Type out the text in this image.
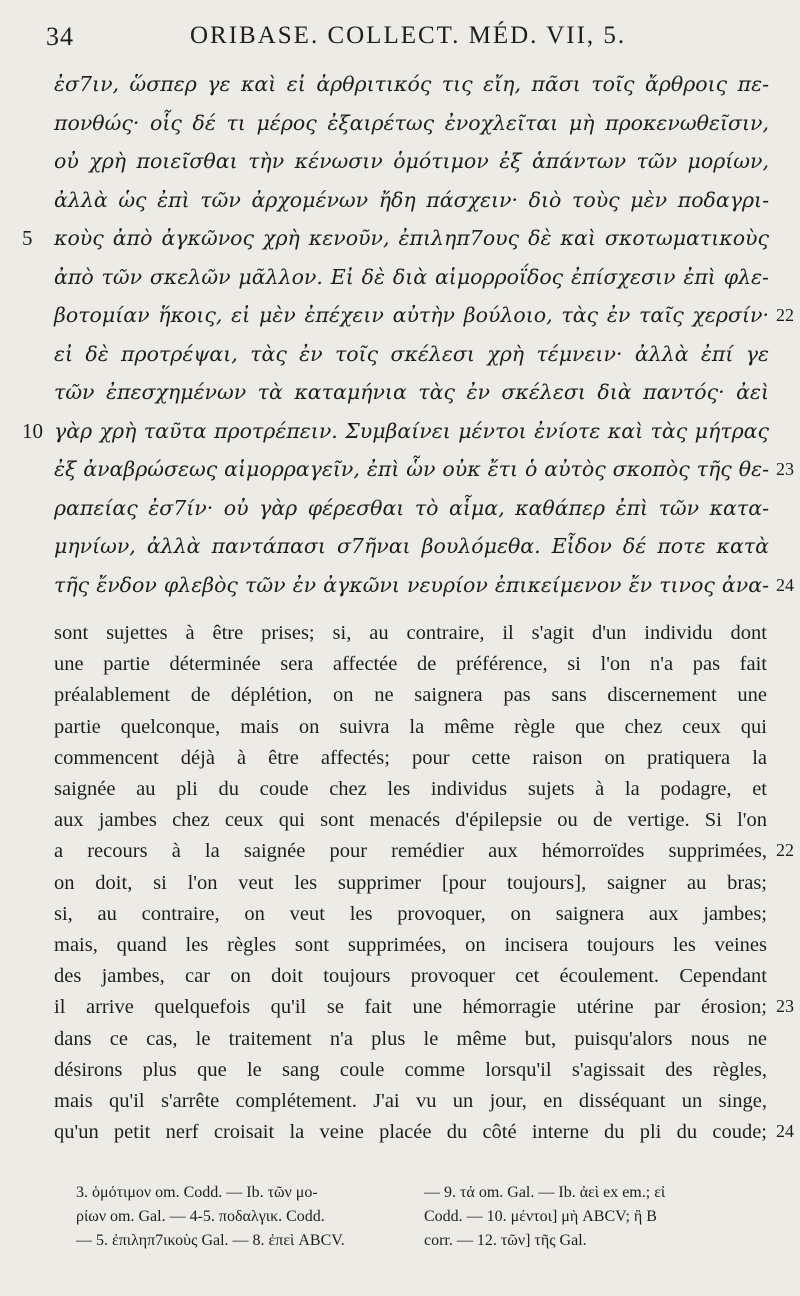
34	ORIBASE. COLLECT. MÉD. VII, 5.
ἐσ7ιν, ὥσπερ γε καὶ εἰ ἀρθριτικός τις εἴη, πᾶσι τοῖς ἄρθροις πε-
πονθώς· οἷς δέ τι μέρος ἐξαιρέτως ἐνοχλεῖται μὴ προκενωθεῖσιν,
οὐ χρὴ ποιεῖσθαι τὴν κένωσιν ὁμότιμον ἐξ ἁπάντων τῶν μορίων,
ἀλλὰ ὡς ἐπὶ τῶν ἀρχομένων ἤδη πάσχειν· διὸ τοὺς μὲν ποδαγρι-
κοὺς ἀπὸ ἀγκῶνος χρὴ κενοῦν, ἐπιληπ7ους δὲ καὶ σκοτωματικοὺς
5
ἀπὸ τῶν σκελῶν μᾶλλον. Εἰ δὲ διὰ αἱμορροΐδος ἐπίσχεσιν ἐπὶ φλε-
βοτομίαν ἥκοις, εἰ μὲν ἐπέχειν αὐτὴν βούλοιο, τὰς ἐν ταῖς χερσίν· 22
εἰ δὲ προτρέψαι, τὰς ἐν τοῖς σκέλεσι χρὴ τέμνειν· ἀλλὰ ἐπί γε
τῶν ἐπεσχημένων τὰ καταμήνια τὰς ἐν σκέλεσι διὰ παντός· ἀεὶ
γὰρ χρὴ ταῦτα προτρέπειν. Συμβαίνει μέντοι ἐνίοτε καὶ τὰς μήτρας
10
ἐξ ἀναβρώσεως αἱμορραγεῖν, ἐπὶ ὧν οὐκ ἔτι ὁ αὐτὸς σκοπὸς τῆς θε- 23
ραπείας ἐσ7ίν· οὐ γὰρ φέρεσθαι τὸ αἷμα, καθάπερ ἐπὶ τῶν κατα-
μηνίων, ἀλλὰ παντάπασι σ7ῆναι βουλόμεθα. Εἶδον δέ ποτε κατὰ
τῆς ἔνδον φλεβὸς τῶν ἐν ἀγκῶνι νευρίον ἐπικείμενον ἔν τινος ἀνα- 24
sont sujettes à être prises; si, au contraire, il s'agit d'un individu dont
une partie déterminée sera affectée de préférence, si l'on n'a pas fait
préalablement de déplétion, on ne saignera pas sans discernement une
partie quelconque, mais on suivra la même règle que chez ceux qui
commencent déjà à être affectés; pour cette raison on pratiquera la
saignée au pli du coude chez les individus sujets à la podagre, et
aux jambes chez ceux qui sont menacés d'épilepsie ou de vertige. Si l'on
a recours à la saignée pour remédier aux hémorroïdes supprimées, 22
on doit, si l'on veut les supprimer [pour toujours], saigner au bras;
si, au contraire, on veut les provoquer, on saignera aux jambes;
mais, quand les règles sont supprimées, on incisera toujours les veines
des jambes, car on doit toujours provoquer cet écoulement. Cependant
il arrive quelquefois qu'il se fait une hémorragie utérine par érosion; 23
dans ce cas, le traitement n'a plus le même but, puisqu'alors nous ne
désirons plus que le sang coule comme lorsqu'il s'agissait des règles,
mais qu'il s'arrête complétement. J'ai vu un jour, en disséquant un singe,
qu'un petit nerf croisait la veine placée du côté interne du pli du coude; 24
3. ὁμότιμον om. Codd. — Ib. τῶν μο-
ρίων om. Gal. — 4-5. ποδαλγικ. Codd.
— 5. ἐπιληπ7ικοὺς Gal. — 8. ἐπεὶ ABCV.
— 9. τά om. Gal. — Ib. ἀεὶ ex em.; εἰ
Codd. — 10. μέντοι] μὴ ABCV; ἢ B
corr. — 12. τῶν] τῆς Gal.
